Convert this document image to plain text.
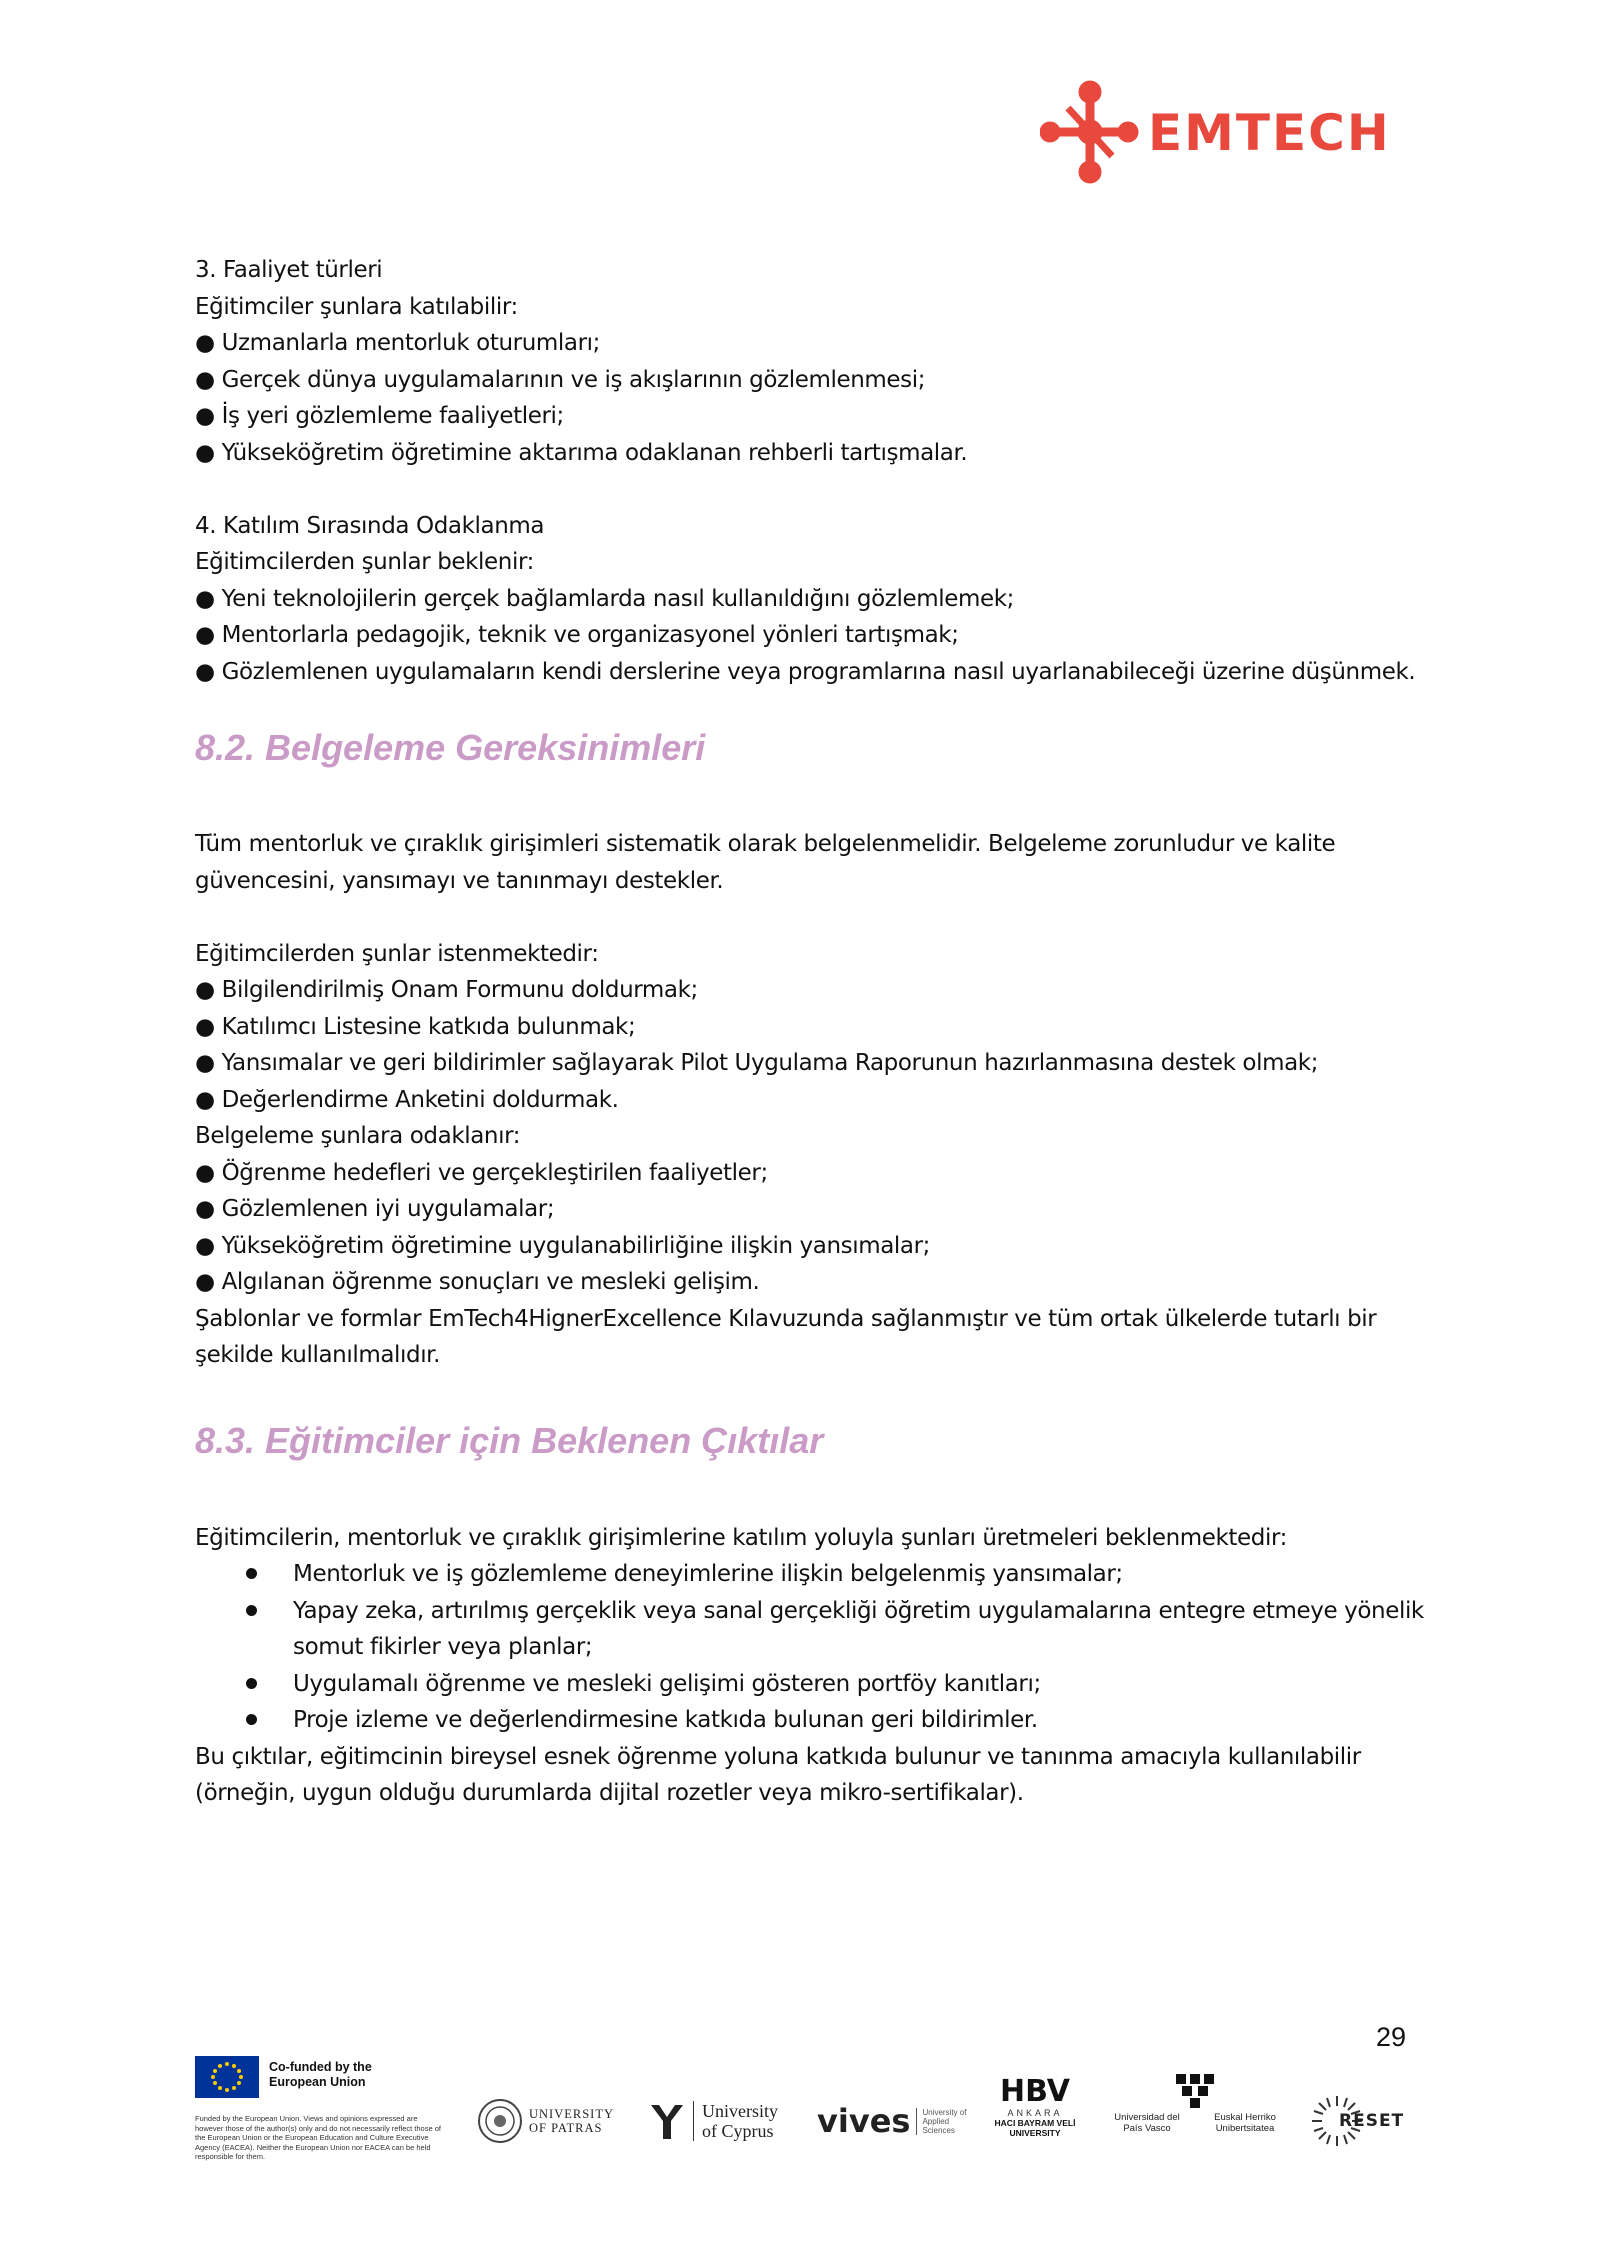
EMTECH
3. Faaliyet türleri
Eğitimciler şunlara katılabilir:
● Uzmanlarla mentorluk oturumları;
● Gerçek dünya uygulamalarının ve iş akışlarının gözlemlenmesi;
● İş yeri gözlemleme faaliyetleri;
● Yükseköğretim öğretimine aktarıma odaklanan rehberli tartışmalar.
4. Katılım Sırasında Odaklanma
Eğitimcilerden şunlar beklenir:
● Yeni teknolojilerin gerçek bağlamlarda nasıl kullanıldığını gözlemlemek;
● Mentorlarla pedagojik, teknik ve organizasyonel yönleri tartışmak;
● Gözlemlenen uygulamaların kendi derslerine veya programlarına nasıl uyarlanabileceği üzerine düşünmek.
8.2. Belgeleme Gereksinimleri
Tüm mentorluk ve çıraklık girişimleri sistematik olarak belgelenmelidir. Belgeleme zorunludur ve kalite güvencesini, yansımayı ve tanınmayı destekler.
Eğitimcilerden şunlar istenmektedir:
● Bilgilendirilmiş Onam Formunu doldurmak;
● Katılımcı Listesine katkıda bulunmak;
● Yansımalar ve geri bildirimler sağlayarak Pilot Uygulama Raporunun hazırlanmasına destek olmak;
● Değerlendirme Anketini doldurmak.
Belgeleme şunlara odaklanır:
● Öğrenme hedefleri ve gerçekleştirilen faaliyetler;
● Gözlemlenen iyi uygulamalar;
● Yükseköğretim öğretimine uygulanabilirliğine ilişkin yansımalar;
● Algılanan öğrenme sonuçları ve mesleki gelişim.
Şablonlar ve formlar EmTech4HignerExcellence Kılavuzunda sağlanmıştır ve tüm ortak ülkelerde tutarlı bir şekilde kullanılmalıdır.
8.3. Eğitimciler için Beklenen Çıktılar
Eğitimcilerin, mentorluk ve çıraklık girişimlerine katılım yoluyla şunları üretmeleri beklenmektedir:
Mentorluk ve iş gözlemleme deneyimlerine ilişkin belgelenmiş yansımalar;
Yapay zeka, artırılmış gerçeklik veya sanal gerçekliği öğretim uygulamalarına entegre etmeye yönelik somut fikirler veya planlar;
Uygulamalı öğrenme ve mesleki gelişimi gösteren portföy kanıtları;
Proje izleme ve değerlendirmesine katkıda bulunan geri bildirimler.
Bu çıktılar, eğitimcinin bireysel esnek öğrenme yoluna katkıda bulunur ve tanınma amacıyla kullanılabilir (örneğin, uygun olduğu durumlarda dijital rozetler veya mikro-sertifikalar).
29
Co-funded by the European Union
Funded by the European Union. Views and opinions expressed are however those of the author(s) only and do not necessarily reflect those of the European Union or the European Education and Culture Executive Agency (EACEA). Neither the European Union nor EACEA can be held responsible for them.
UNIVERSITY OF PATRAS
University
of Cyprus vives	University of Applied Sciences
HBV
ANKARA
HACI BAYRAM VELİ UNIVERSITY
Universidad del País Vasco
Euskal Herriko Unibertsitatea	RESET
